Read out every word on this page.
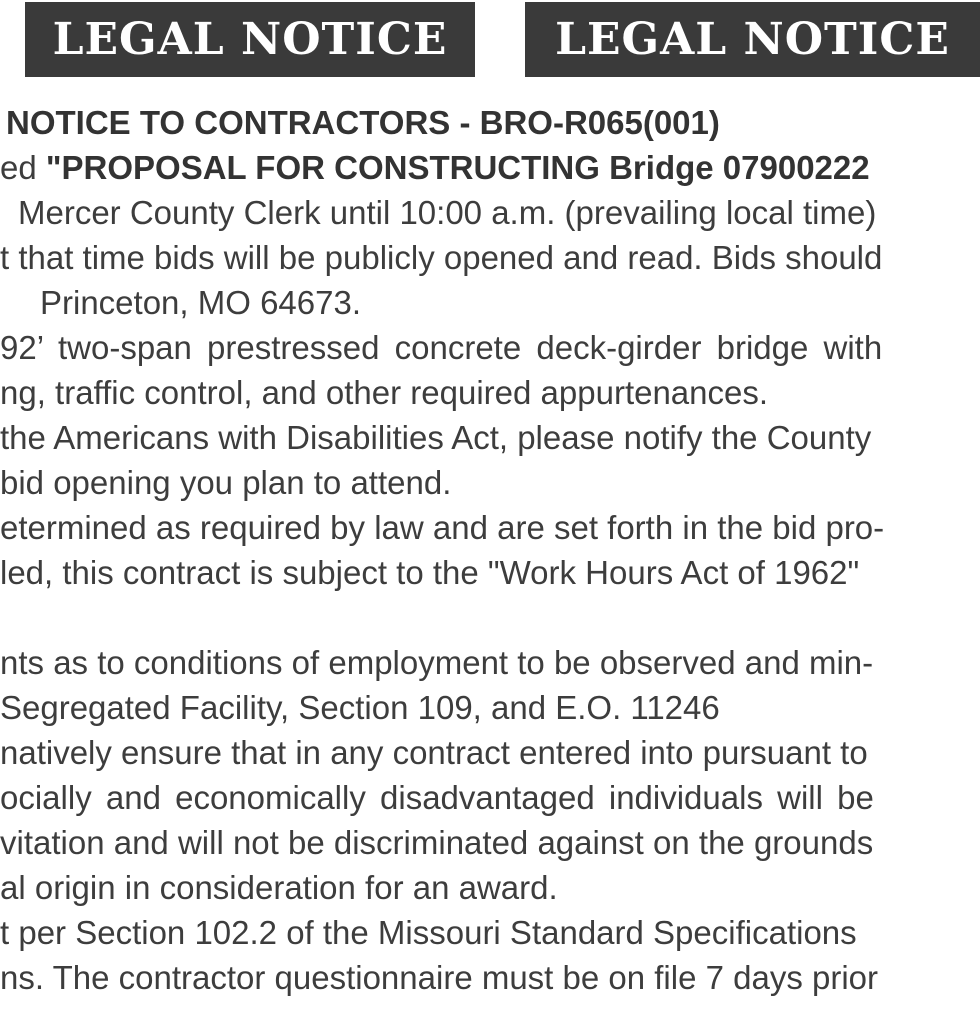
LEGAL NOTICE LEGAL NOTICE
NOTICE TO CONTRACTORS - BRO-R065(001)
ed "PROPOSAL FOR CONSTRUCTING Bridge 07900222
Mercer County Clerk until 10:00 a.m. (prevailing local time)
t that time bids will be publicly opened and read. Bids should
Princeton, MO 64673.
92’ two-span prestressed concrete deck-girder bridge with
ng, traffic control, and other required appurtenances.
the Americans with Disabilities Act, please notify the County
bid opening you plan to attend.
etermined as required by law and are set forth in the bid pro-
led, this contract is subject to the "Work Hours Act of 1962"
nts as to conditions of employment to be observed and min-
Segregated Facility, Section 109, and E.O. 11246
natively ensure that in any contract entered into pursuant to
ocially and economically disadvantaged individuals will be
vitation and will not be discriminated against on the grounds
al origin in consideration for an award.
t per Section 102.2 of the Missouri Standard Specifications
ns. The contractor questionnaire must be on file 7 days prior
